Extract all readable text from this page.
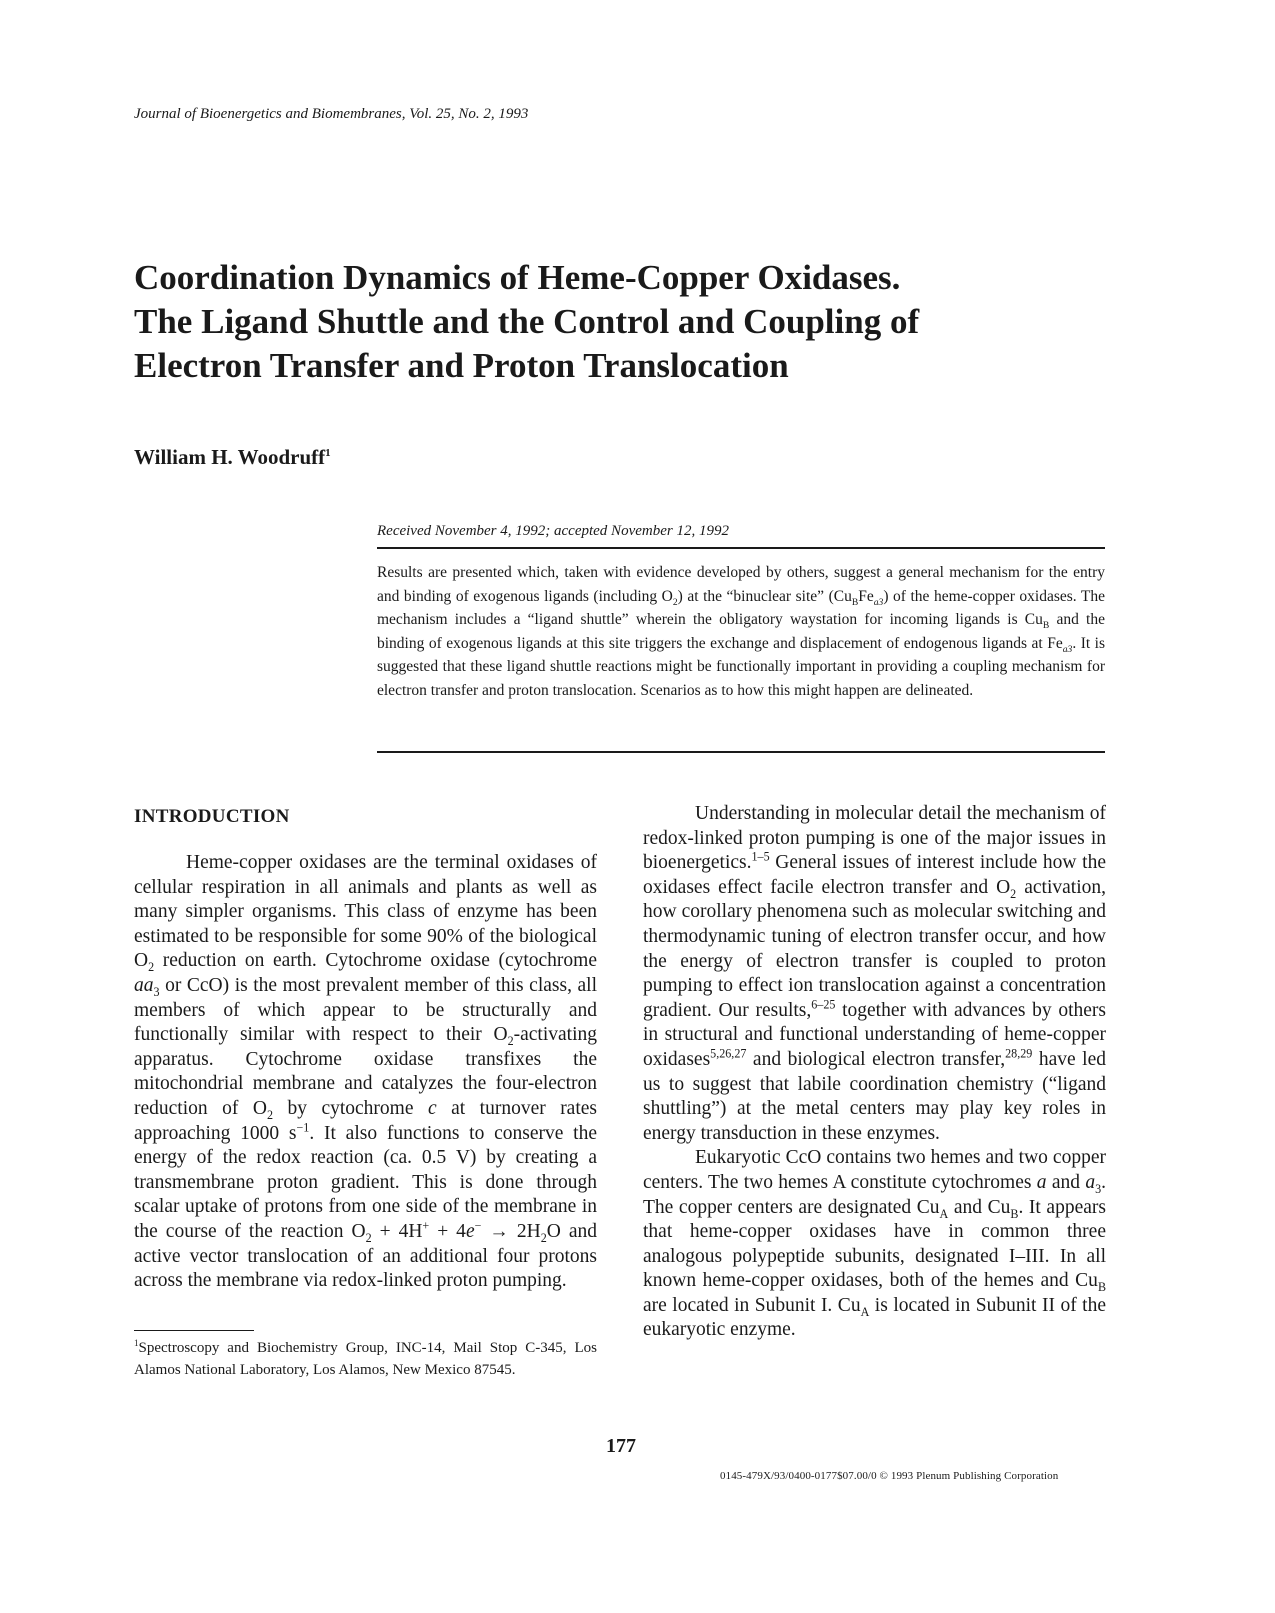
Journal of Bioenergetics and Biomembranes, Vol. 25, No. 2, 1993
Coordination Dynamics of Heme-Copper Oxidases.
The Ligand Shuttle and the Control and Coupling of
Electron Transfer and Proton Translocation
William H. Woodruff$^1$
Received November 4, 1992; accepted November 12, 1992
Results are presented which, taken with evidence developed by others, suggest a general mechanism for the entry and binding of exogenous ligands (including $O_2$) at the “binuclear site” $(Cu_BFe_{a3})$ of the heme-copper oxidases. The mechanism includes a “ligand shuttle” wherein the obligatory waystation for incoming ligands is $Cu_B$ and the binding of exogenous ligands at this site triggers the exchange and displacement of endogenous ligands at $Fe_{a3}$. It is suggested that these ligand shuttle reactions might be functionally important in providing a coupling mechanism for electron transfer and proton translocation. Scenarios as to how this might happen are delineated.
INTRODUCTION

Heme-copper oxidases are the terminal oxidases of cellular respiration in all animals and plants as well as many simpler organisms. This class of enzyme has been estimated to be responsible for some 90% of the biological $O_2$ reduction on earth. Cytochrome oxidase (cytochrome $aa_3$ or CcO) is the most prevalent member of this class, all members of which appear to be structurally and functionally similar with respect to their $O_2$-activating apparatus. Cytochrome oxidase transfixes the mitochondrial membrane and catalyzes the four-electron reduction of $O_2$ by cytochrome c at turnover rates approaching 1000 $s^{-1}$. It also functions to conserve the energy of the redox reaction (ca. 0.5 V) by creating a transmembrane proton gradient. This is done through scalar uptake of protons from one side of the membrane in the course of the reaction $O_2 + 4H^+ + 4e^- \to 2H_2O$ and active vector translocation of an additional four protons across the membrane via redox-linked proton pumping.

$^1$Spectroscopy and Biochemistry Group, INC-14, Mail Stop C-345, Los Alamos National Laboratory, Los Alamos, New Mexico 87545.

Understanding in molecular detail the mechanism of redox-linked proton pumping is one of the major issues in bioenergetics.$^{1-5}$ General issues of interest include how the oxidases effect facile electron transfer and $O_2$ activation, how corollary phenomena such as molecular switching and thermodynamic tuning of electron transfer occur, and how the energy of electron transfer is coupled to proton pumping to effect ion translocation against a concentration gradient. Our results,$^{6-25}$ together with advances by others in structural and functional understanding of heme-copper oxidases$^{5,26,27}$ and biological electron transfer,$^{28,29}$ have led us to suggest that labile coordination chemistry (“ligand shuttling”) at the metal centers may play key roles in energy transduction in these enzymes.

Eukaryotic CcO contains two hemes and two copper centers. The two hemes A constitute cytochromes a and $a_3$. The copper centers are designated $Cu_A$ and $Cu_B$. It appears that heme-copper oxidases have in common three analogous polypeptide subunits, designated I–III. In all known heme-copper oxidases, both of the hemes and $Cu_B$ are located in Subunit I. $Cu_A$ is located in Subunit II of the eukaryotic enzyme.

177
0145-479X/93/0400-0177$07.00/0 © 1993 Plenum Publishing Corporation
